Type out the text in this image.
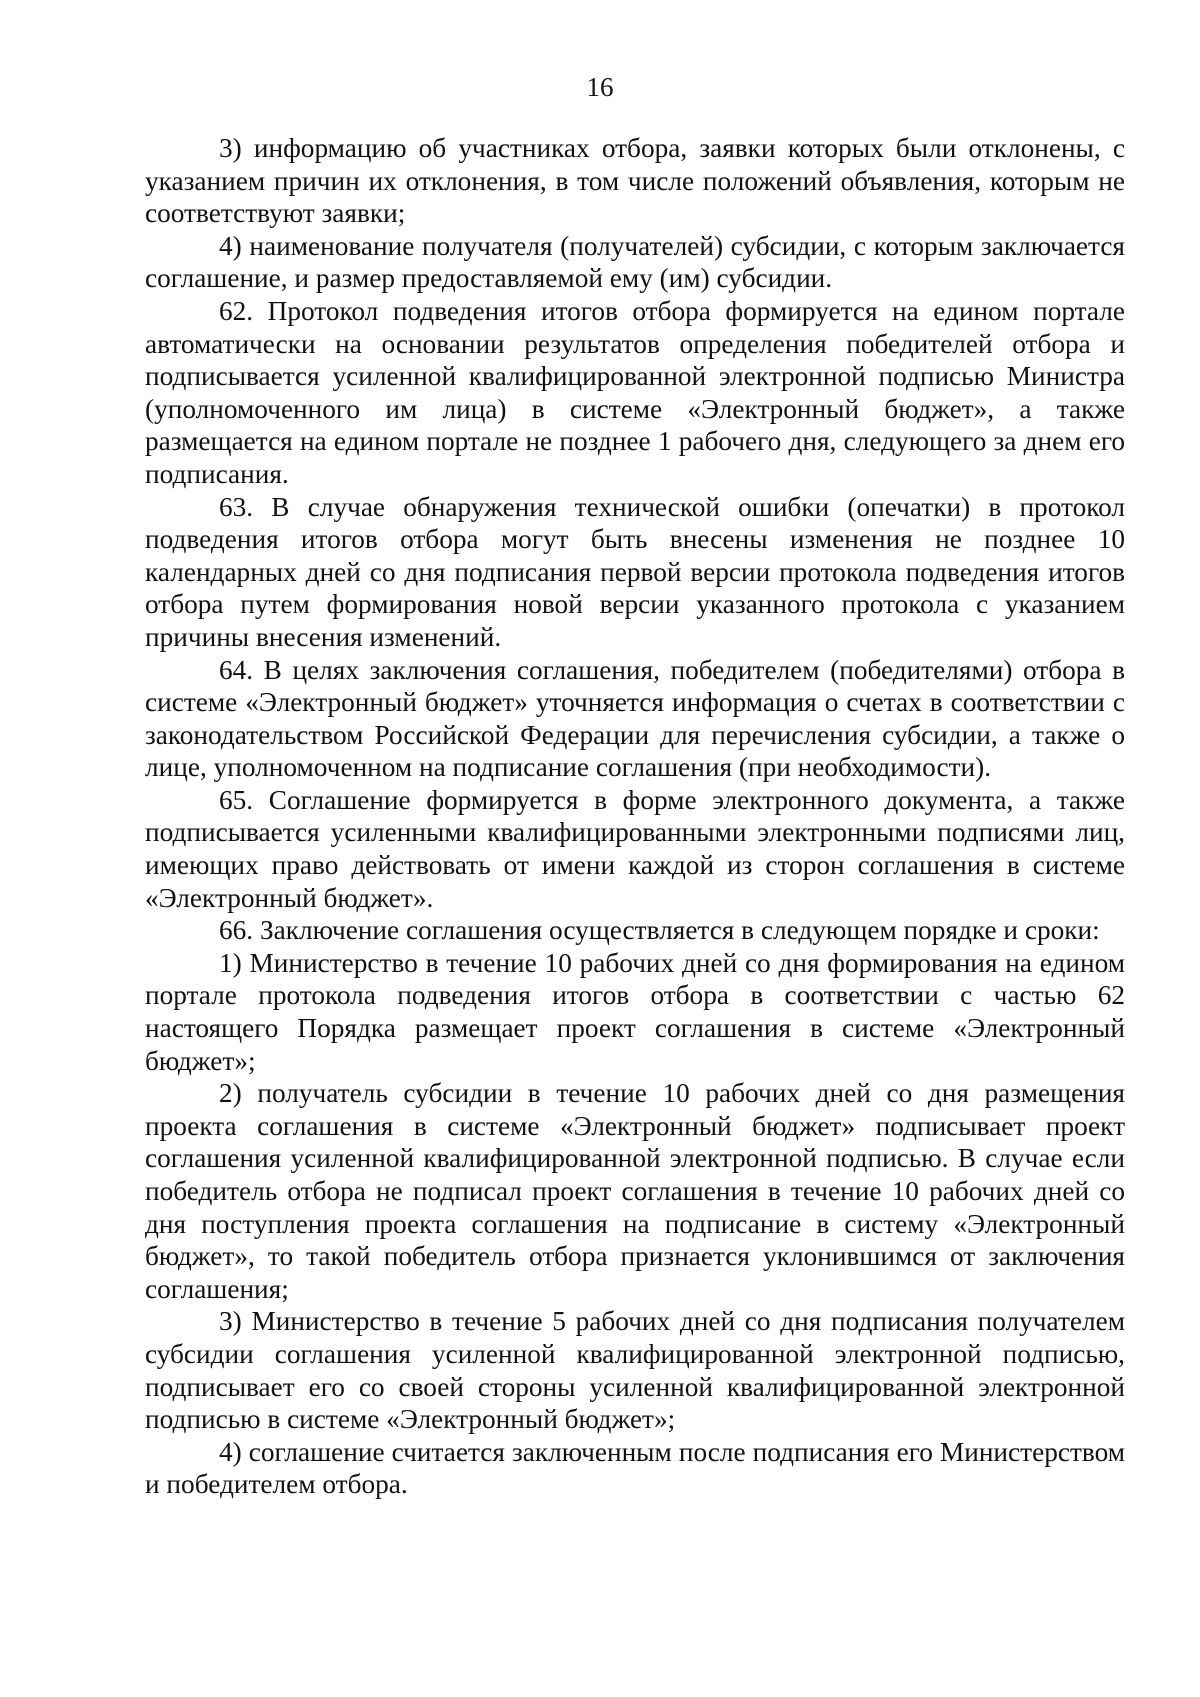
16

3) информацию об участниках отбора, заявки которых были отклонены, с указанием причин их отклонения, в том числе положений объявления, которым не соответствуют заявки;

4) наименование получателя (получателей) субсидии, с которым заключается соглашение, и размер предоставляемой ему (им) субсидии.

62. Протокол подведения итогов отбора формируется на едином портале автоматически на основании результатов определения победителей отбора и подписывается усиленной квалифицированной электронной подписью Министра (уполномоченного им лица) в системе «Электронный бюджет», а также размещается на едином портале не позднее 1 рабочего дня, следующего за днем его подписания.

63. В случае обнаружения технической ошибки (опечатки) в протокол подведения итогов отбора могут быть внесены изменения не позднее 10 календарных дней со дня подписания первой версии протокола подведения итогов отбора путем формирования новой версии указанного протокола с указанием причины внесения изменений.

64. В целях заключения соглашения, победителем (победителями) отбора в системе «Электронный бюджет» уточняется информация о счетах в соответствии с законодательством Российской Федерации для перечисления субсидии, а также о лице, уполномоченном на подписание соглашения (при необходимости).

65. Соглашение формируется в форме электронного документа, а также подписывается усиленными квалифицированными электронными подписями лиц, имеющих право действовать от имени каждой из сторон соглашения в системе «Электронный бюджет».

66. Заключение соглашения осуществляется в следующем порядке и сроки:

1) Министерство в течение 10 рабочих дней со дня формирования на едином портале протокола подведения итогов отбора в соответствии с частью 62 настоящего Порядка размещает проект соглашения в системе «Электронный бюджет»;

2) получатель субсидии в течение 10 рабочих дней со дня размещения проекта соглашения в системе «Электронный бюджет» подписывает проект соглашения усиленной квалифицированной электронной подписью. В случае если победитель отбора не подписал проект соглашения в течение 10 рабочих дней со дня поступления проекта соглашения на подписание в систему «Электронный бюджет», то такой победитель отбора признается уклонившимся от заключения соглашения;

3) Министерство в течение 5 рабочих дней со дня подписания получателем субсидии соглашения усиленной квалифицированной электронной подписью, подписывает его со своей стороны усиленной квалифицированной электронной подписью в системе «Электронный бюджет»;

4) соглашение считается заключенным после подписания его Министерством и победителем отбора.
